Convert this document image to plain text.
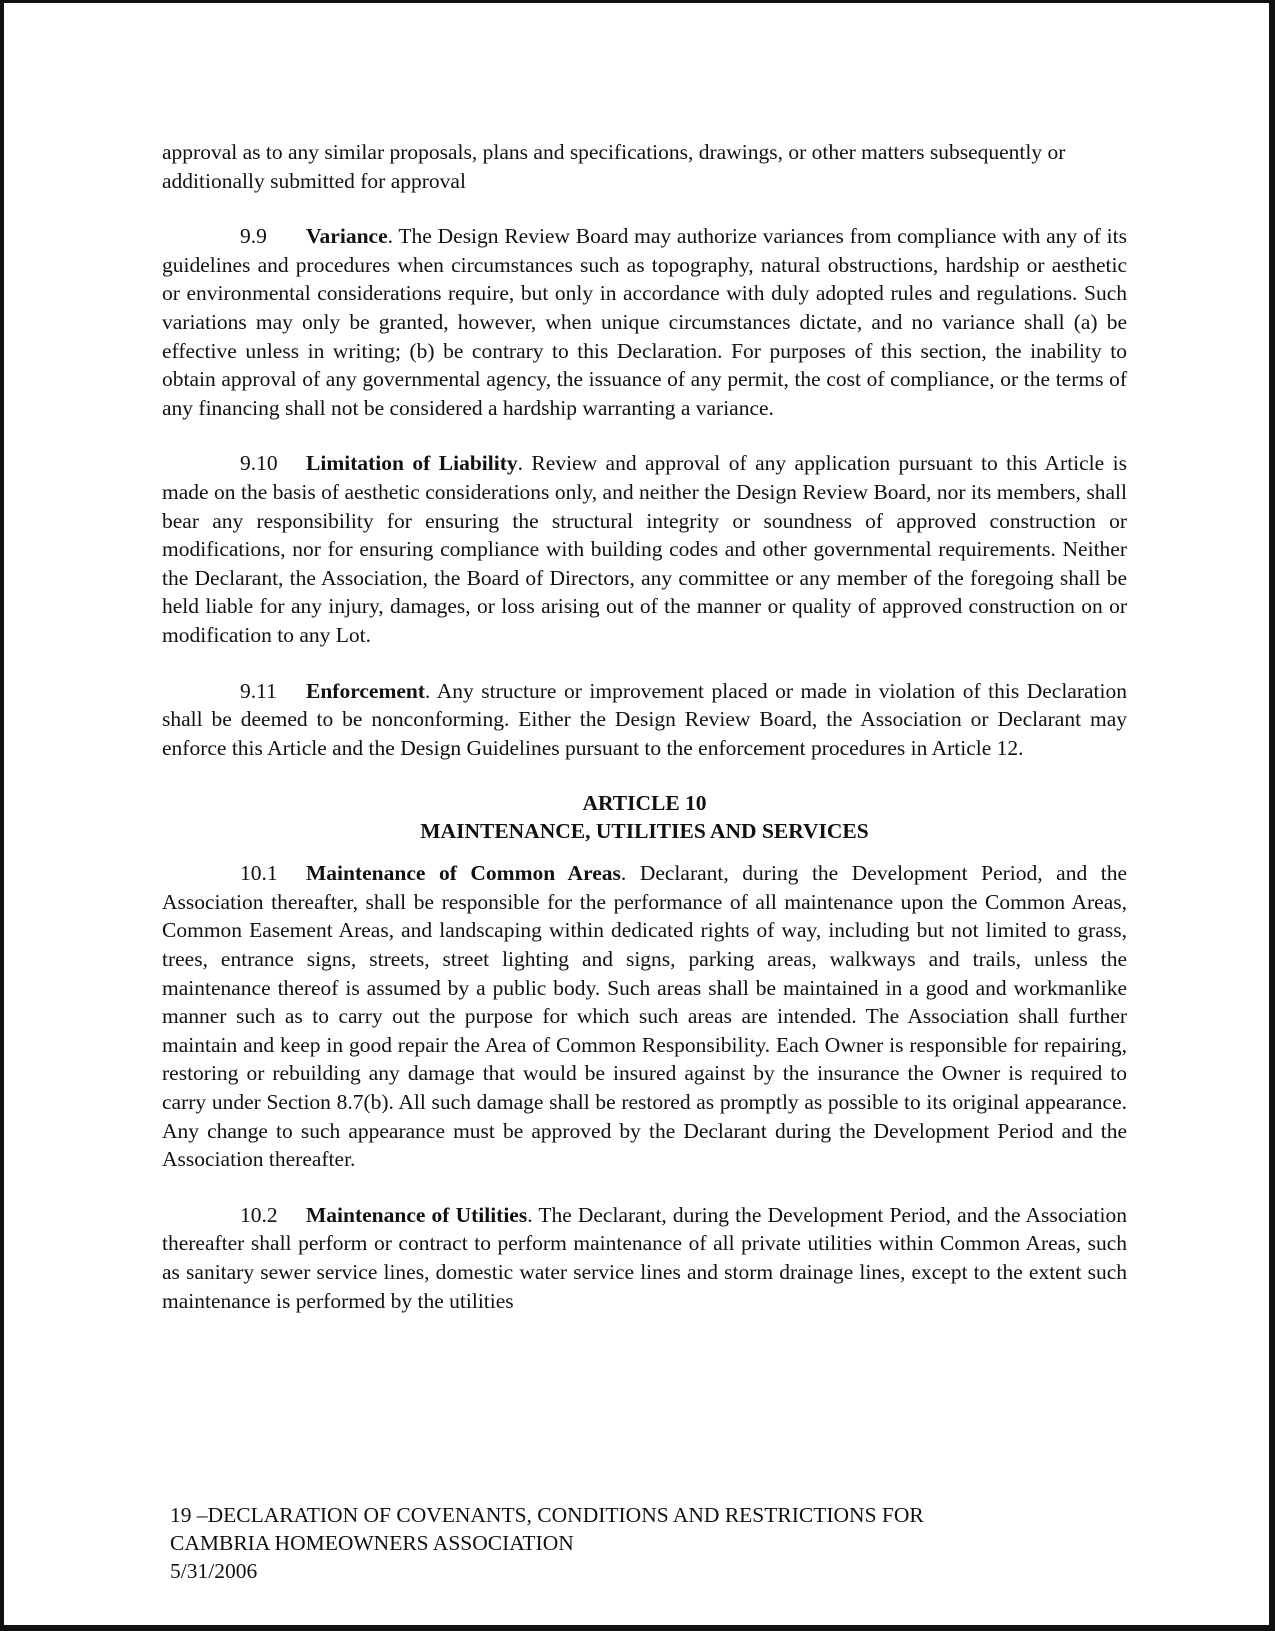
approval as to any similar proposals, plans and specifications, drawings, or other matters subsequently or additionally submitted for approval

9.9 Variance. The Design Review Board may authorize variances from compliance with any of its guidelines and procedures when circumstances such as topography, natural obstructions, hardship or aesthetic or environmental considerations require, but only in accordance with duly adopted rules and regulations. Such variations may only be granted, however, when unique circumstances dictate, and no variance shall (a) be effective unless in writing; (b) be contrary to this Declaration. For purposes of this section, the inability to obtain approval of any governmental agency, the issuance of any permit, the cost of compliance, or the terms of any financing shall not be considered a hardship warranting a variance.

9.10 Limitation of Liability. Review and approval of any application pursuant to this Article is made on the basis of aesthetic considerations only, and neither the Design Review Board, nor its members, shall bear any responsibility for ensuring the structural integrity or soundness of approved construction or modifications, nor for ensuring compliance with building codes and other governmental requirements. Neither the Declarant, the Association, the Board of Directors, any committee or any member of the foregoing shall be held liable for any injury, damages, or loss arising out of the manner or quality of approved construction on or modification to any Lot.

9.11 Enforcement. Any structure or improvement placed or made in violation of this Declaration shall be deemed to be nonconforming. Either the Design Review Board, the Association or Declarant may enforce this Article and the Design Guidelines pursuant to the enforcement procedures in Article 12.

ARTICLE 10
MAINTENANCE, UTILITIES AND SERVICES

10.1 Maintenance of Common Areas. Declarant, during the Development Period, and the Association thereafter, shall be responsible for the performance of all maintenance upon the Common Areas, Common Easement Areas, and landscaping within dedicated rights of way, including but not limited to grass, trees, entrance signs, streets, street lighting and signs, parking areas, walkways and trails, unless the maintenance thereof is assumed by a public body. Such areas shall be maintained in a good and workmanlike manner such as to carry out the purpose for which such areas are intended. The Association shall further maintain and keep in good repair the Area of Common Responsibility. Each Owner is responsible for repairing, restoring or rebuilding any damage that would be insured against by the insurance the Owner is required to carry under Section 8.7(b). All such damage shall be restored as promptly as possible to its original appearance. Any change to such appearance must be approved by the Declarant during the Development Period and the Association thereafter.

10.2 Maintenance of Utilities. The Declarant, during the Development Period, and the Association thereafter shall perform or contract to perform maintenance of all private utilities within Common Areas, such as sanitary sewer service lines, domestic water service lines and storm drainage lines, except to the extent such maintenance is performed by the utilities

19 –DECLARATION OF COVENANTS, CONDITIONS AND RESTRICTIONS FOR
CAMBRIA HOMEOWNERS ASSOCIATION
5/31/2006
